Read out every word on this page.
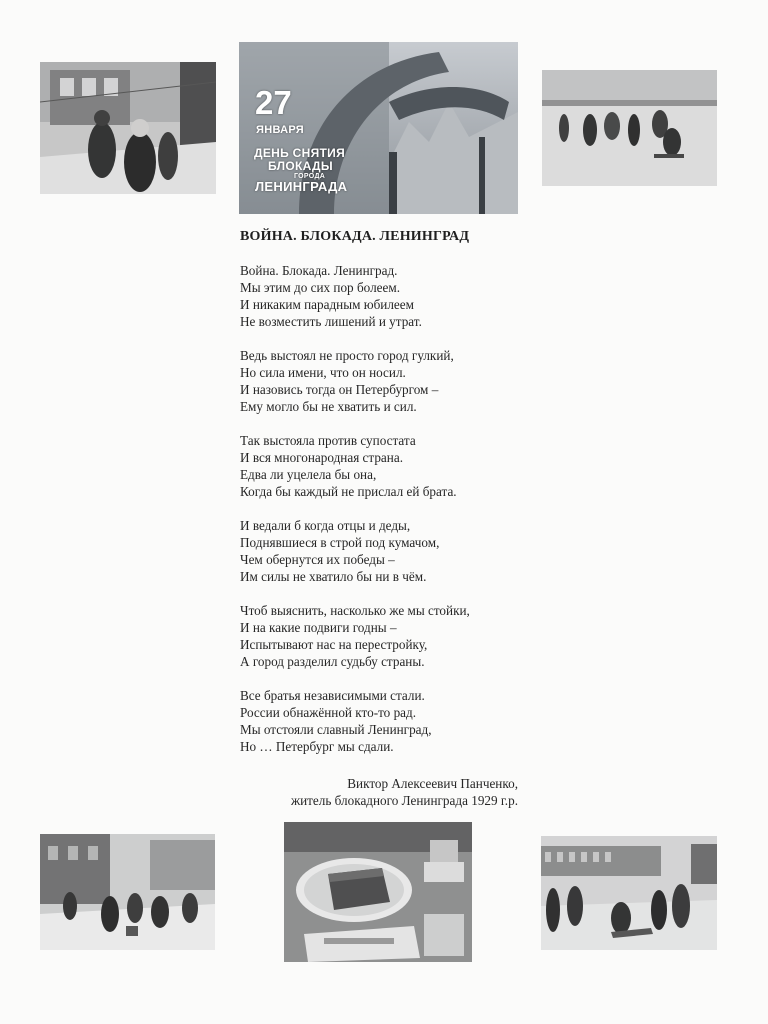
27
ЯНВАРЯ
ДЕНЬ СНЯТИЯ
БЛОКАДЫ
ГОРОДА
ЛЕНИНГРАДА
ВОЙНА. БЛОКАДА. ЛЕНИНГРАД
Война. Блокада. Ленинград.
Мы этим до сих пор болеем.
И никаким парадным юбилеем
Не возместить лишений и утрат.
Ведь выстоял не просто город гулкий,
Но сила имени, что он носил.
И назовись тогда он Петербургом –
Ему могло бы не хватить и сил.
Так выстояла против супостата
И вся многонародная страна.
Едва ли уцелела бы она,
Когда бы каждый не прислал ей брата.
И ведали б когда отцы и деды,
Поднявшиеся в строй под кумачом,
Чем обернутся их победы –
Им силы не хватило бы ни в чём.
Чтоб выяснить, насколько же мы стойки,
И на какие подвиги годны –
Испытывают нас на перестройку,
А город разделил судьбу страны.
Все братья независимыми стали.
России обнажённой кто-то рад.
Мы отстояли славный Ленинград,
Но … Петербург мы сдали.
Виктор Алексеевич Панченко,
житель блокадного Ленинграда 1929 г.р.
